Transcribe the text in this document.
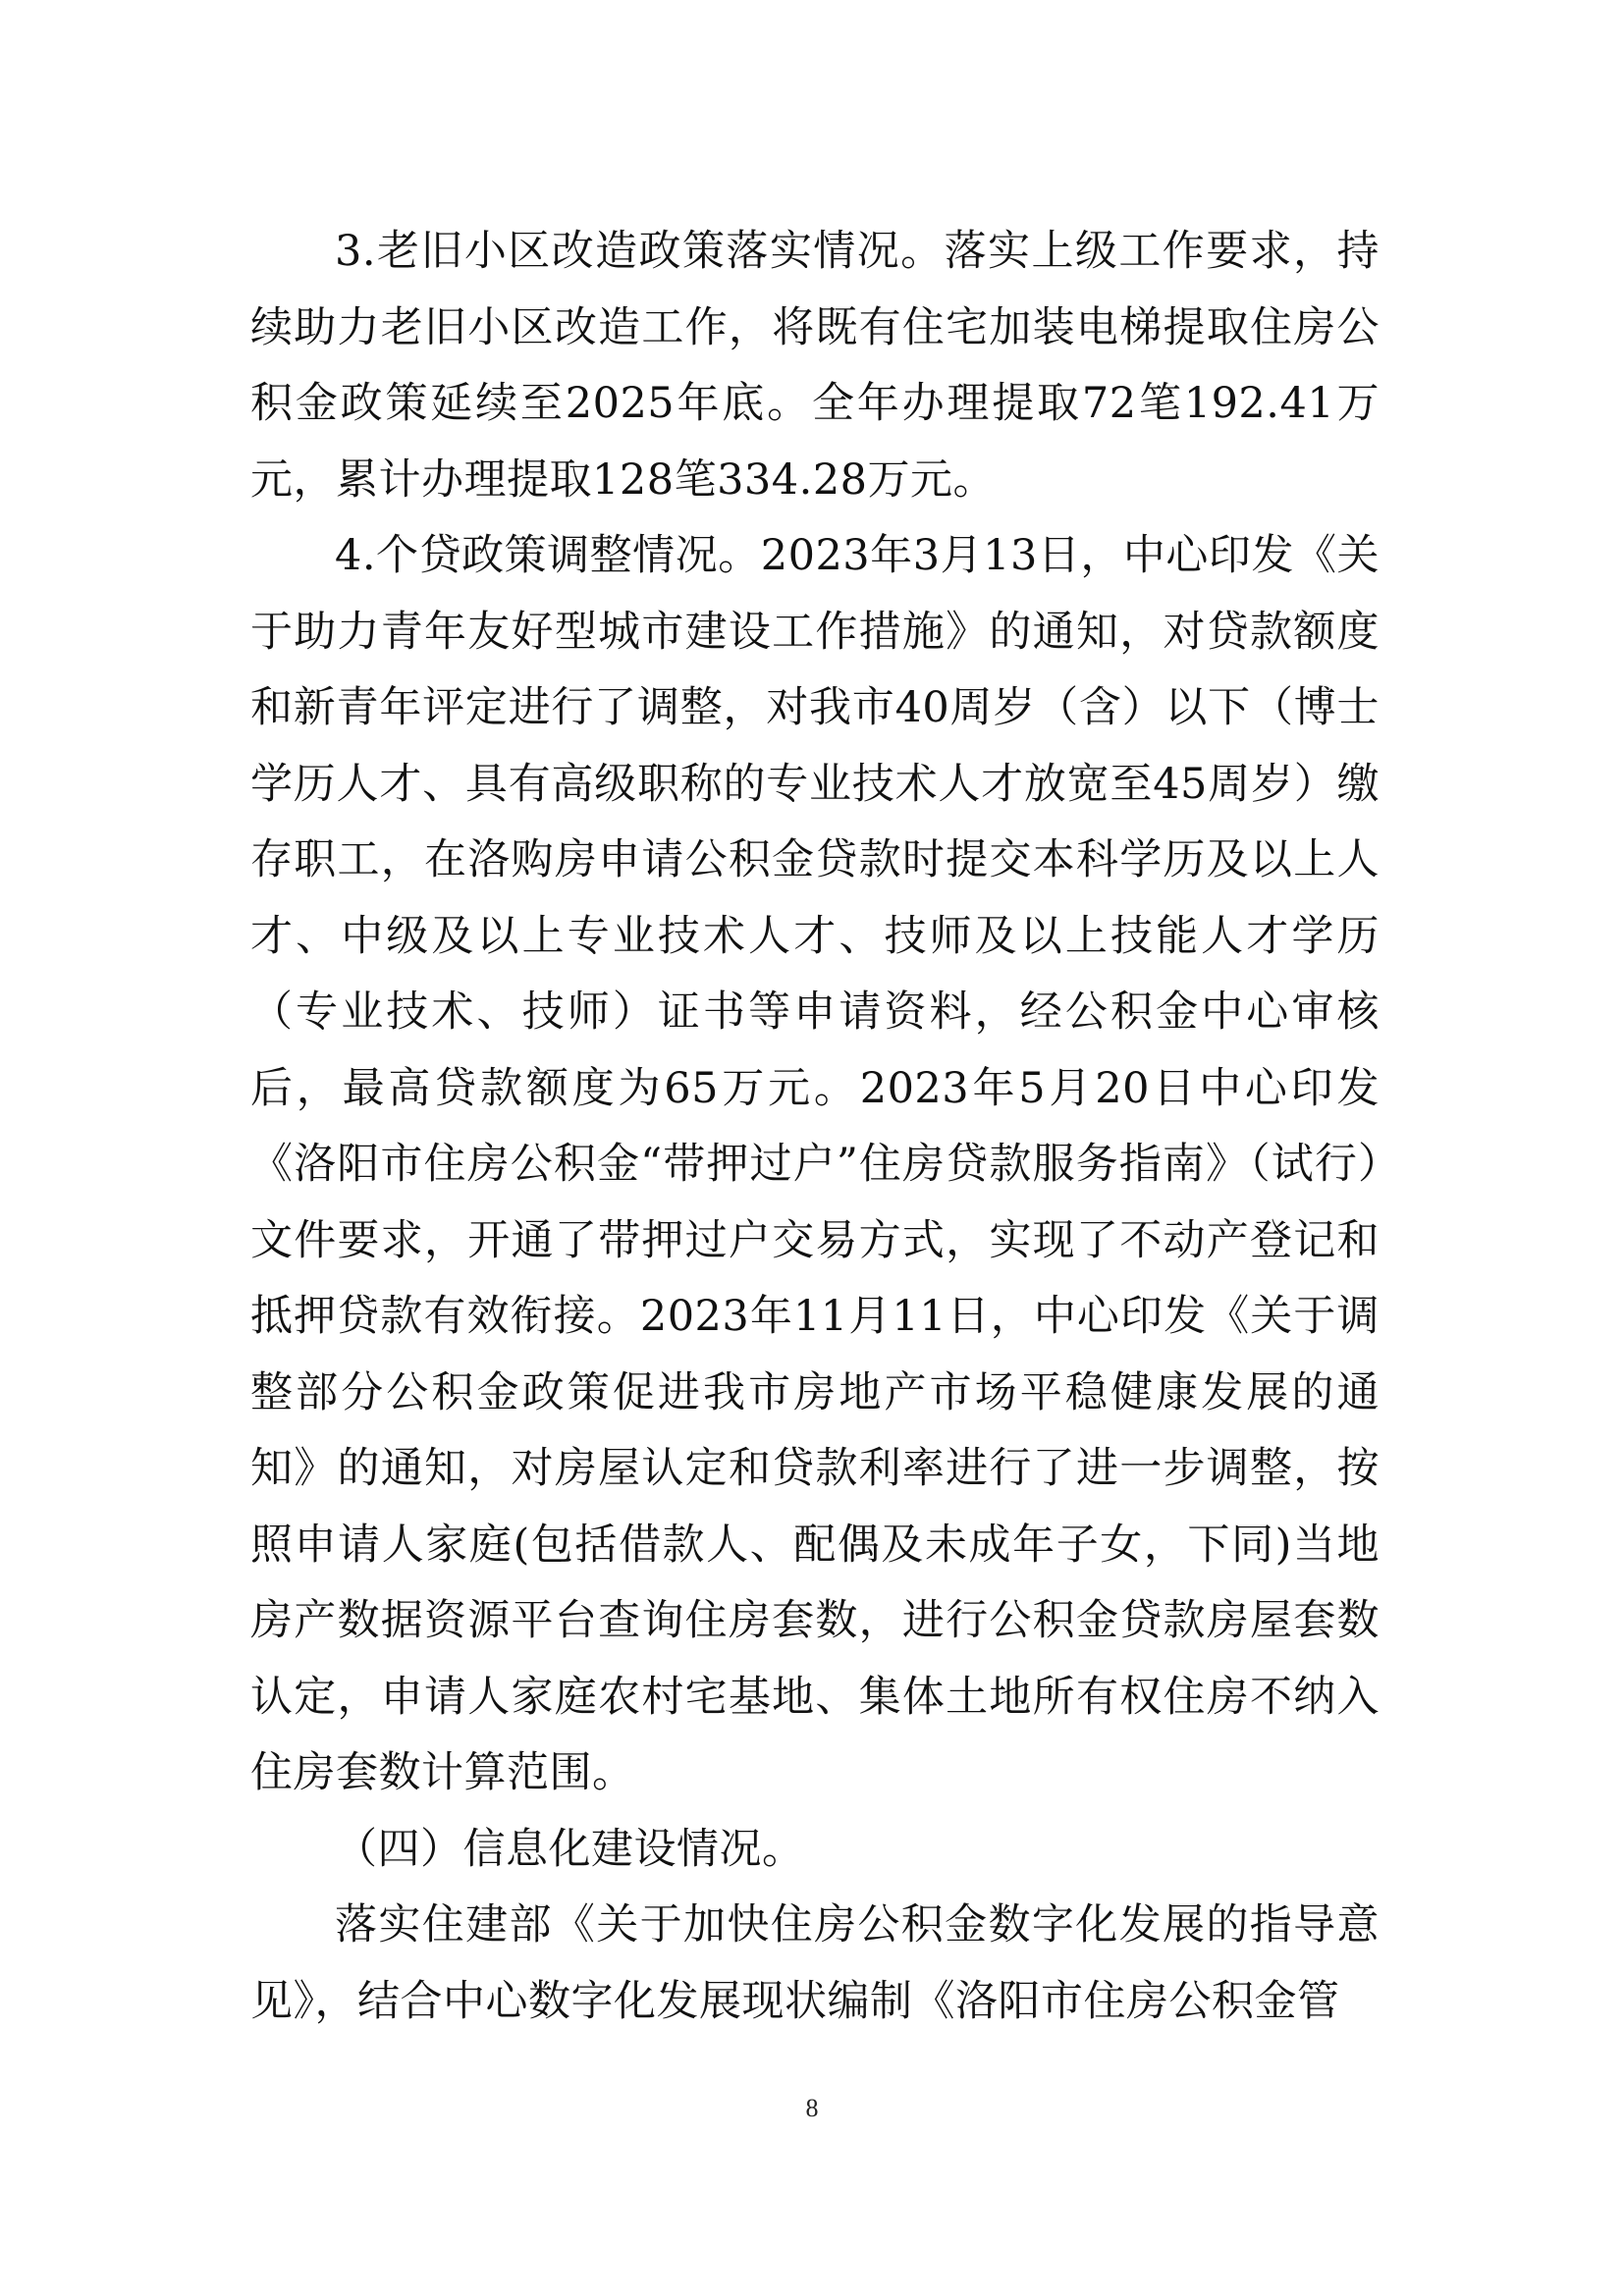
3.老旧小区改造政策落实情况。落实上级工作要求，持续助力老旧小区改造工作，将既有住宅加装电梯提取住房公积金政策延续至2025年底。全年办理提取72笔192.41万元，累计办理提取128笔334.28万元。

4.个贷政策调整情况。2023年3月13日，中心印发《关于助力青年友好型城市建设工作措施》的通知，对贷款额度和新青年评定进行了调整，对我市40周岁（含）以下（博士学历人才、具有高级职称的专业技术人才放宽至45周岁）缴存职工，在洛购房申请公积金贷款时提交本科学历及以上人才、中级及以上专业技术人才、技师及以上技能人才学历（专业技术、技师）证书等申请资料，经公积金中心审核后，最高贷款额度为65万元。2023年5月20日中心印发《洛阳市住房公积金“带押过户”住房贷款服务指南》（试行）文件要求，开通了带押过户交易方式，实现了不动产登记和抵押贷款有效衔接。2023年11月11日，中心印发《关于调整部分公积金政策促进我市房地产市场平稳健康发展的通知》的通知，对房屋认定和贷款利率进行了进一步调整，按照申请人家庭(包括借款人、配偶及未成年子女，下同)当地房产数据资源平台查询住房套数，进行公积金贷款房屋套数认定，申请人家庭农村宅基地、集体土地所有权住房不纳入住房套数计算范围。

（四）信息化建设情况。

落实住建部《关于加快住房公积金数字化发展的指导意见》，结合中心数字化发展现状编制《洛阳市住房公积金管

8
